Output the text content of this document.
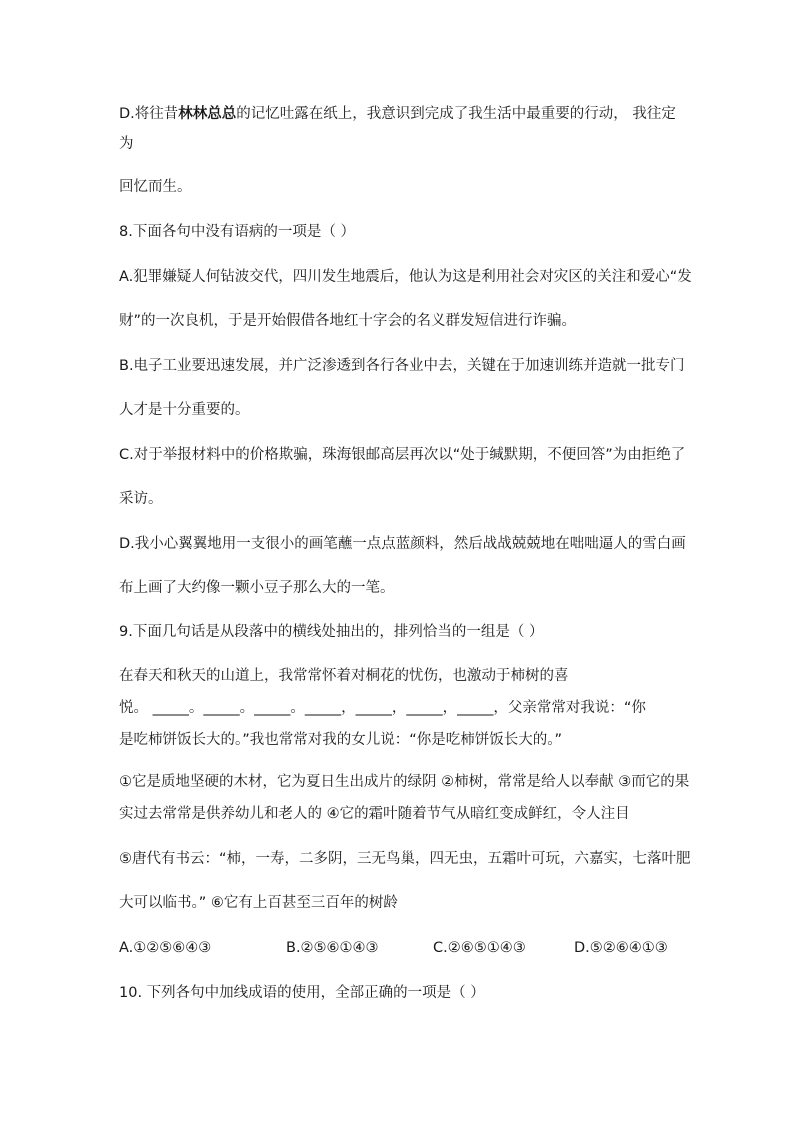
D.将往昔林林总总的记忆吐露在纸上，我意识到完成了我生活中最重要的行动， 我往定
为
回忆而生。
8.下面各句中没有语病的一项是（ ）
A.犯罪嫌疑人何钻波交代，四川发生地震后，他认为这是利用社会对灾区的关注和爱心“发
财”的一次良机，于是开始假借各地红十字会的名义群发短信进行诈骗。
B.电子工业要迅速发展，并广泛渗透到各行各业中去，关键在于加速训练并造就一批专门
人才是十分重要的。
C.对于举报材料中的价格欺骗，珠海银邮高层再次以“处于缄默期，不便回答”为由拒绝了
采访。
D.我小心翼翼地用一支很小的画笔蘸一点点蓝颜料，然后战战兢兢地在咄咄逼人的雪白画
布上画了大约像一颗小豆子那么大的一笔。
9.下面几句话是从段落中的横线处抽出的，排列恰当的一组是（ ）
在春天和秋天的山道上，我常常怀着对桐花的忧伤，也激动于柿树的喜
悦。 _____。_____。_____。_____，_____，_____，_____，父亲常常对我说：“你
是吃柿饼饭长大的。”我也常常对我的女儿说：“你是吃柿饼饭长大的。”
①它是质地坚硬的木材，它为夏日生出成片的绿阴 ②柿树，常常是给人以奉献 ③而它的果
实过去常常是供养幼儿和老人的 ④它的霜叶随着节气从暗红变成鲜红，令人注目
⑤唐代有书云：“柿，一寿，二多阴，三无鸟巢，四无虫，五霜叶可玩，六嘉实，七落叶肥
大可以临书。” ⑥它有上百甚至三百年的树龄
A.①②⑤⑥④③	B.②⑤⑥①④③	C.②⑥⑤①④③	D.⑤②⑥④①③
10. 下列各句中加线成语的使用，全部正确的一项是（ ）
